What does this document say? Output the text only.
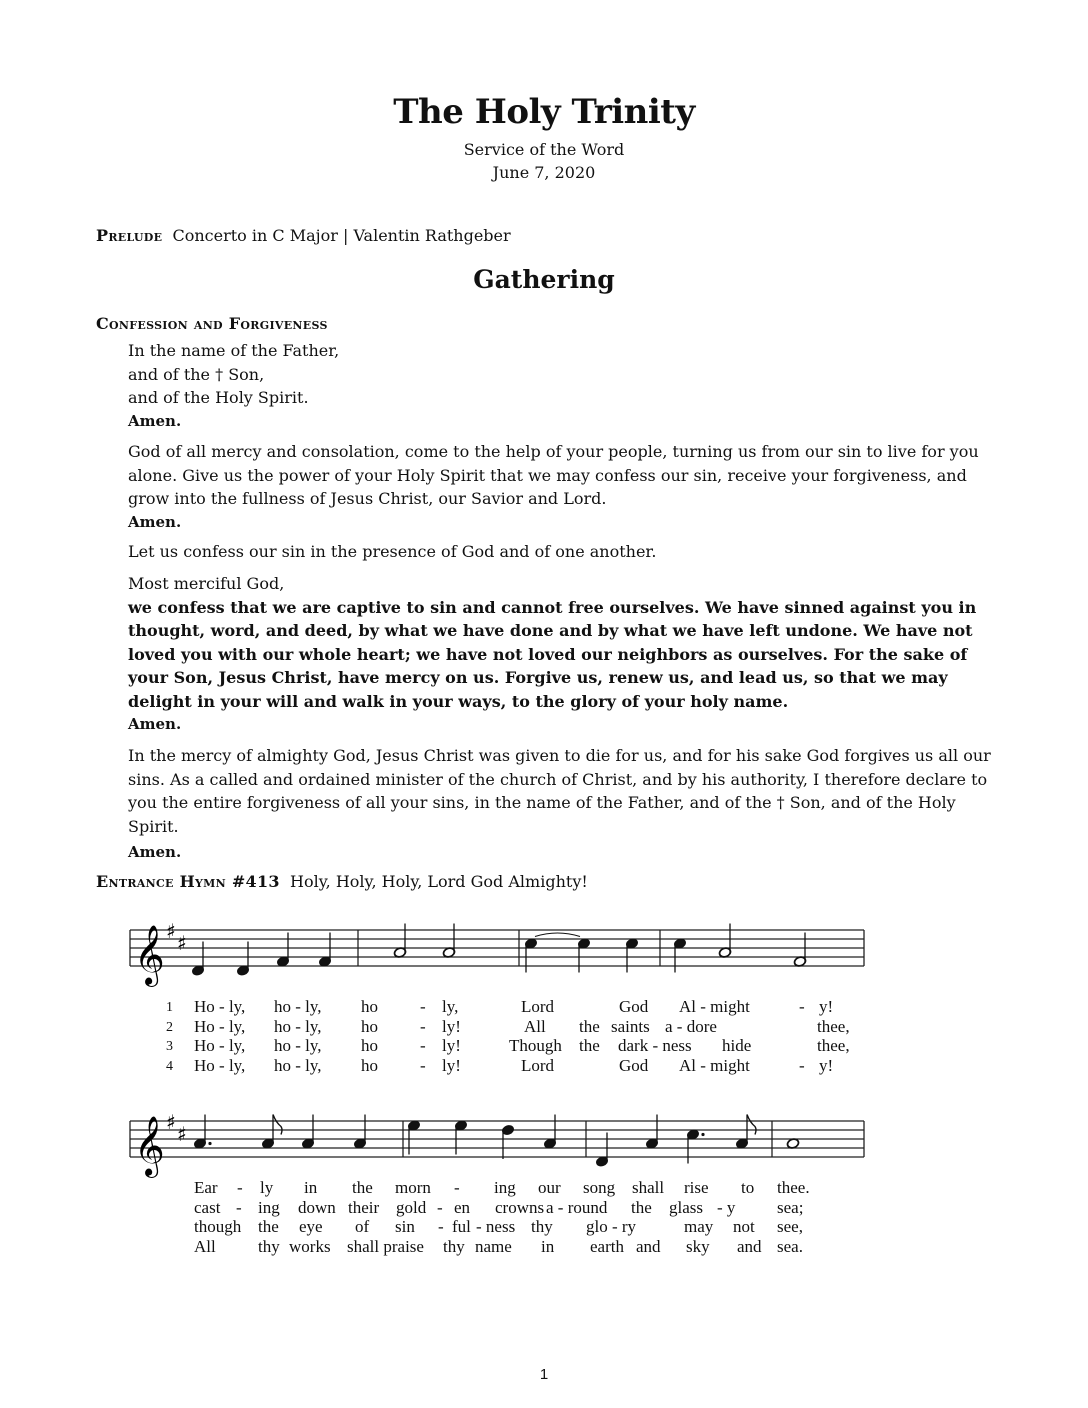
The Holy Trinity
Service of the Word
June 7, 2020
Prelude Concerto in C Major | Valentin Rathgeber
Gathering
Confession and Forgiveness

In the name of the Father,

and of the † Son,

and of the Holy Spirit.

Amen.

God of all mercy and consolation, come to the help of your people, turning us from our sin to live for you alone. Give us the power of your Holy Spirit that we may confess our sin, receive your forgiveness, and grow into the fullness of Jesus Christ, our Savior and Lord.

Amen.

Let us confess our sin in the presence of God and of one another.

Most merciful God,

we confess that we are captive to sin and cannot free ourselves. We have sinned against you in thought, word, and deed, by what we have done and by what we have left undone. We have not loved you with our whole heart; we have not loved our neighbors as ourselves. For the sake of your Son, Jesus Christ, have mercy on us. Forgive us, renew us, and lead us, so that we may delight in your will and walk in your ways, to the glory of your holy name.

Amen.

In the mercy of almighty God, Jesus Christ was given to die for us, and for his sake God forgives us all our sins. As a called and ordained minister of the church of Christ, and by his authority, I therefore declare to you the entire forgiveness of all your sins, in the name of the Father, and of the † Son, and of the Holy Spirit.

Amen.

Entrance Hymn #413 Holy, Holy, Holy, Lord God Almighty!
𝄞 ♯ ♯
𝄞 ♯ ♯
1
2
3
4
Ho - ly, ho - ly, ho - ly,	Lord	God Al - might	- y!
Ho - ly, ho - ly, ho - ly!	All the saints a - dore	thee,
Ho - ly, ho - ly, ho - ly!	Though the dark - ness hide	thee,
Ho - ly, ho - ly, ho - ly!	Lord	God Al - might	- y!
Ear - ly in the morn - ing our song shall rise to thee.
cast - ing down their gold - en crowns a - round the glass - y sea;
though the eye of sin - ful - ness thy glo - ry	may not see,
All thy works shall praise thy name in earth and sky and sea.
1
